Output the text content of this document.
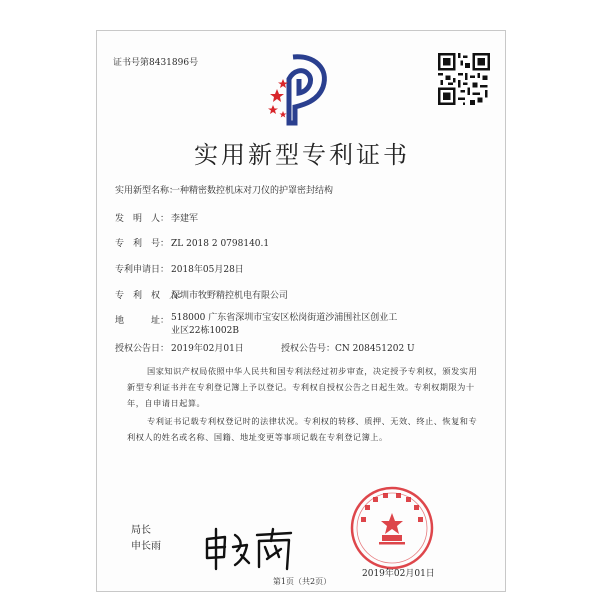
证书号第8431896号
实用新型专利证书
实用新型名称：一种精密数控机床对刀仪的护罩密封结构
发　明　人： 李建军
专　利　号： ZL 2018 2 0798140.1
专利申请日： 2018年05月28日
专　利　权　人：深圳市牧野精控机电有限公司
地　　　址： 518000 广东省深圳市宝安区松岗街道沙浦围社区创业工
业区22栋1002B
授权公告日： 2019年02月01日	授权公告号：CN 208451202 U
国家知识产权局依照中华人民共和国专利法经过初步审查，决定授予专利权，颁发实用新型专利证书并在专利登记簿上予以登记。专利权自授权公告之日起生效。专利权期限为十年，自申请日起算。
专利证书记载专利权登记时的法律状况。专利权的转移、质押、无效、终止、恢复和专利权人的姓名或名称、国籍、地址变更等事项记载在专利登记簿上。
局长
申长雨
2019年02月01日
第1页（共2页）
